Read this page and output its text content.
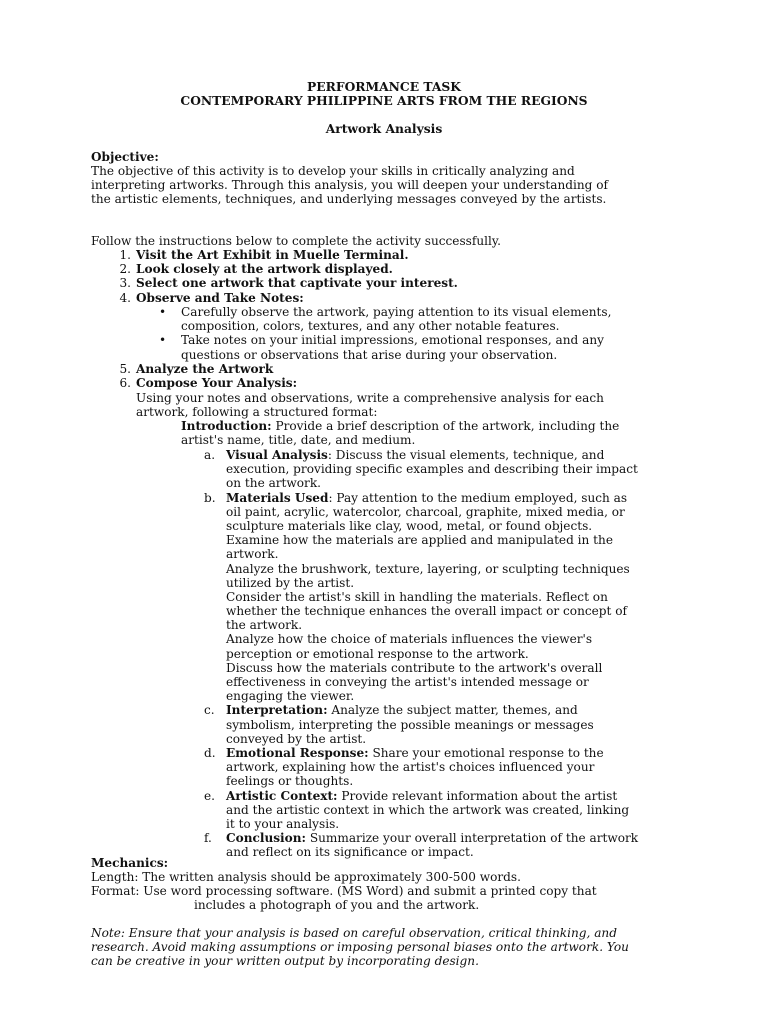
PERFORMANCE TASK
CONTEMPORARY PHILIPPINE ARTS FROM THE REGIONS
Artwork Analysis
Objective:
The objective of this activity is to develop your skills in critically analyzing and
interpreting artworks. Through this analysis, you will deepen your understanding of
the artistic elements, techniques, and underlying messages conveyed by the artists.
Follow the instructions below to complete the activity successfully.
1. Visit the Art Exhibit in Muelle Terminal.
2. Look closely at the artwork displayed.
3. Select one artwork that captivate your interest.
4. Observe and Take Notes:
• Carefully observe the artwork, paying attention to its visual elements,
composition, colors, textures, and any other notable features.
• Take notes on your initial impressions, emotional responses, and any
questions or observations that arise during your observation.
5. Analyze the Artwork
6. Compose Your Analysis:
Using your notes and observations, write a comprehensive analysis for each
artwork, following a structured format:
Introduction: Provide a brief description of the artwork, including the
artist's name, title, date, and medium.
a. Visual Analysis: Discuss the visual elements, technique, and
execution, providing specific examples and describing their impact
on the artwork.
b. Materials Used: Pay attention to the medium employed, such as
oil paint, acrylic, watercolor, charcoal, graphite, mixed media, or
sculpture materials like clay, wood, metal, or found objects.
Examine how the materials are applied and manipulated in the
artwork.
Analyze the brushwork, texture, layering, or sculpting techniques
utilized by the artist.
Consider the artist's skill in handling the materials. Reflect on
whether the technique enhances the overall impact or concept of
the artwork.
Analyze how the choice of materials influences the viewer's
perception or emotional response to the artwork.
Discuss how the materials contribute to the artwork's overall
effectiveness in conveying the artist's intended message or
engaging the viewer.
c. Interpretation: Analyze the subject matter, themes, and
symbolism, interpreting the possible meanings or messages
conveyed by the artist.
d. Emotional Response: Share your emotional response to the
artwork, explaining how the artist's choices influenced your
feelings or thoughts.
e. Artistic Context: Provide relevant information about the artist
and the artistic context in which the artwork was created, linking
it to your analysis.
f. Conclusion: Summarize your overall interpretation of the artwork
and reflect on its significance or impact.
Mechanics:
Length: The written analysis should be approximately 300-500 words.
Format: Use word processing software. (MS Word) and submit a printed copy that
includes a photograph of you and the artwork.
Note: Ensure that your analysis is based on careful observation, critical thinking, and
research. Avoid making assumptions or imposing personal biases onto the artwork. You
can be creative in your written output by incorporating design.
